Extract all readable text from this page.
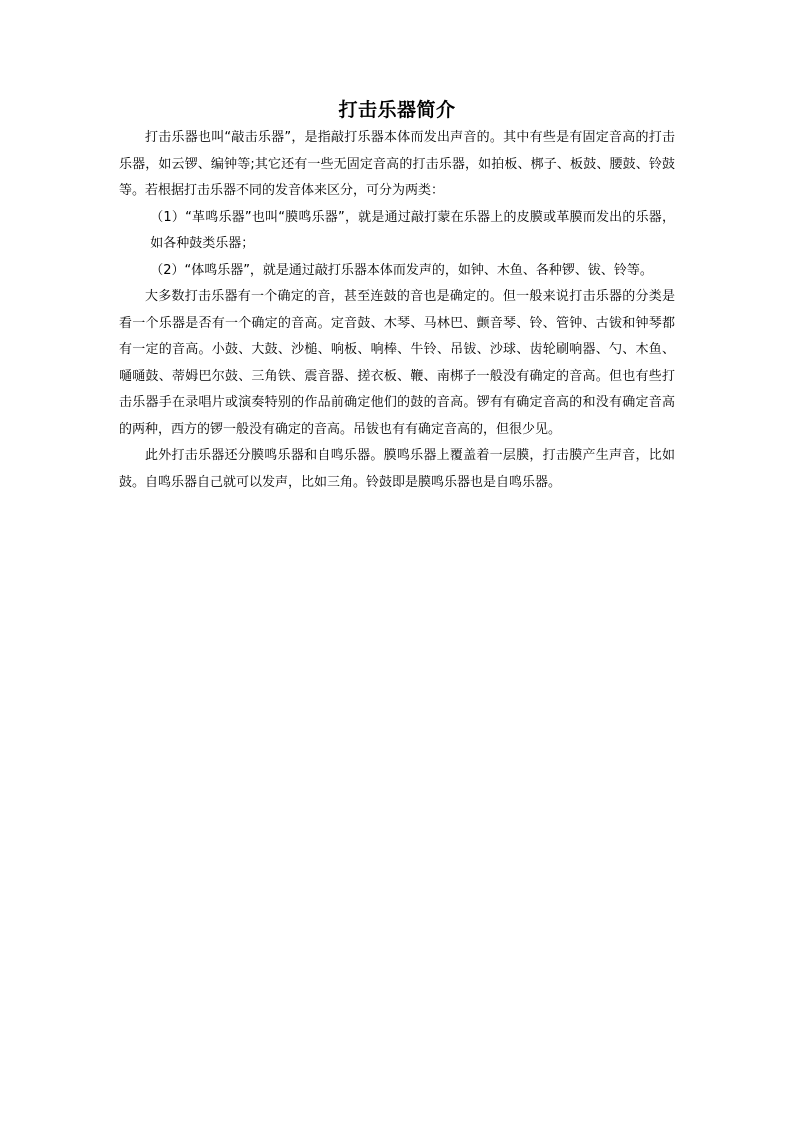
打击乐器简介

打击乐器也叫“敲击乐器”，是指敲打乐器本体而发出声音的。其中有些是有固定音高的打击乐器，如云锣、编钟等;其它还有一些无固定音高的打击乐器，如拍板、梆子、板鼓、腰鼓、铃鼓等。若根据打击乐器不同的发音体来区分，可分为两类：

（1）“革鸣乐器”也叫“膜鸣乐器”，就是通过敲打蒙在乐器上的皮膜或革膜而发出的乐器，如各种鼓类乐器；

（2）“体鸣乐器”，就是通过敲打乐器本体而发声的，如钟、木鱼、各种锣、钹、铃等。

大多数打击乐器有一个确定的音，甚至连鼓的音也是确定的。但一般来说打击乐器的分类是看一个乐器是否有一个确定的音高。定音鼓、木琴、马林巴、颤音琴、铃、管钟、古钹和钟琴都有一定的音高。小鼓、大鼓、沙槌、响板、响棒、牛铃、吊钹、沙球、齿轮刷响器、勺、木鱼、嗵嗵鼓、蒂姆巴尔鼓、三角铁、震音器、搓衣板、鞭、南梆子一般没有确定的音高。但也有些打击乐器手在录唱片或演奏特别的作品前确定他们的鼓的音高。锣有有确定音高的和没有确定音高的两种，西方的锣一般没有确定的音高。吊钹也有有确定音高的，但很少见。

此外打击乐器还分膜鸣乐器和自鸣乐器。膜鸣乐器上覆盖着一层膜，打击膜产生声音，比如鼓。自鸣乐器自己就可以发声，比如三角。铃鼓即是膜鸣乐器也是自鸣乐器。
